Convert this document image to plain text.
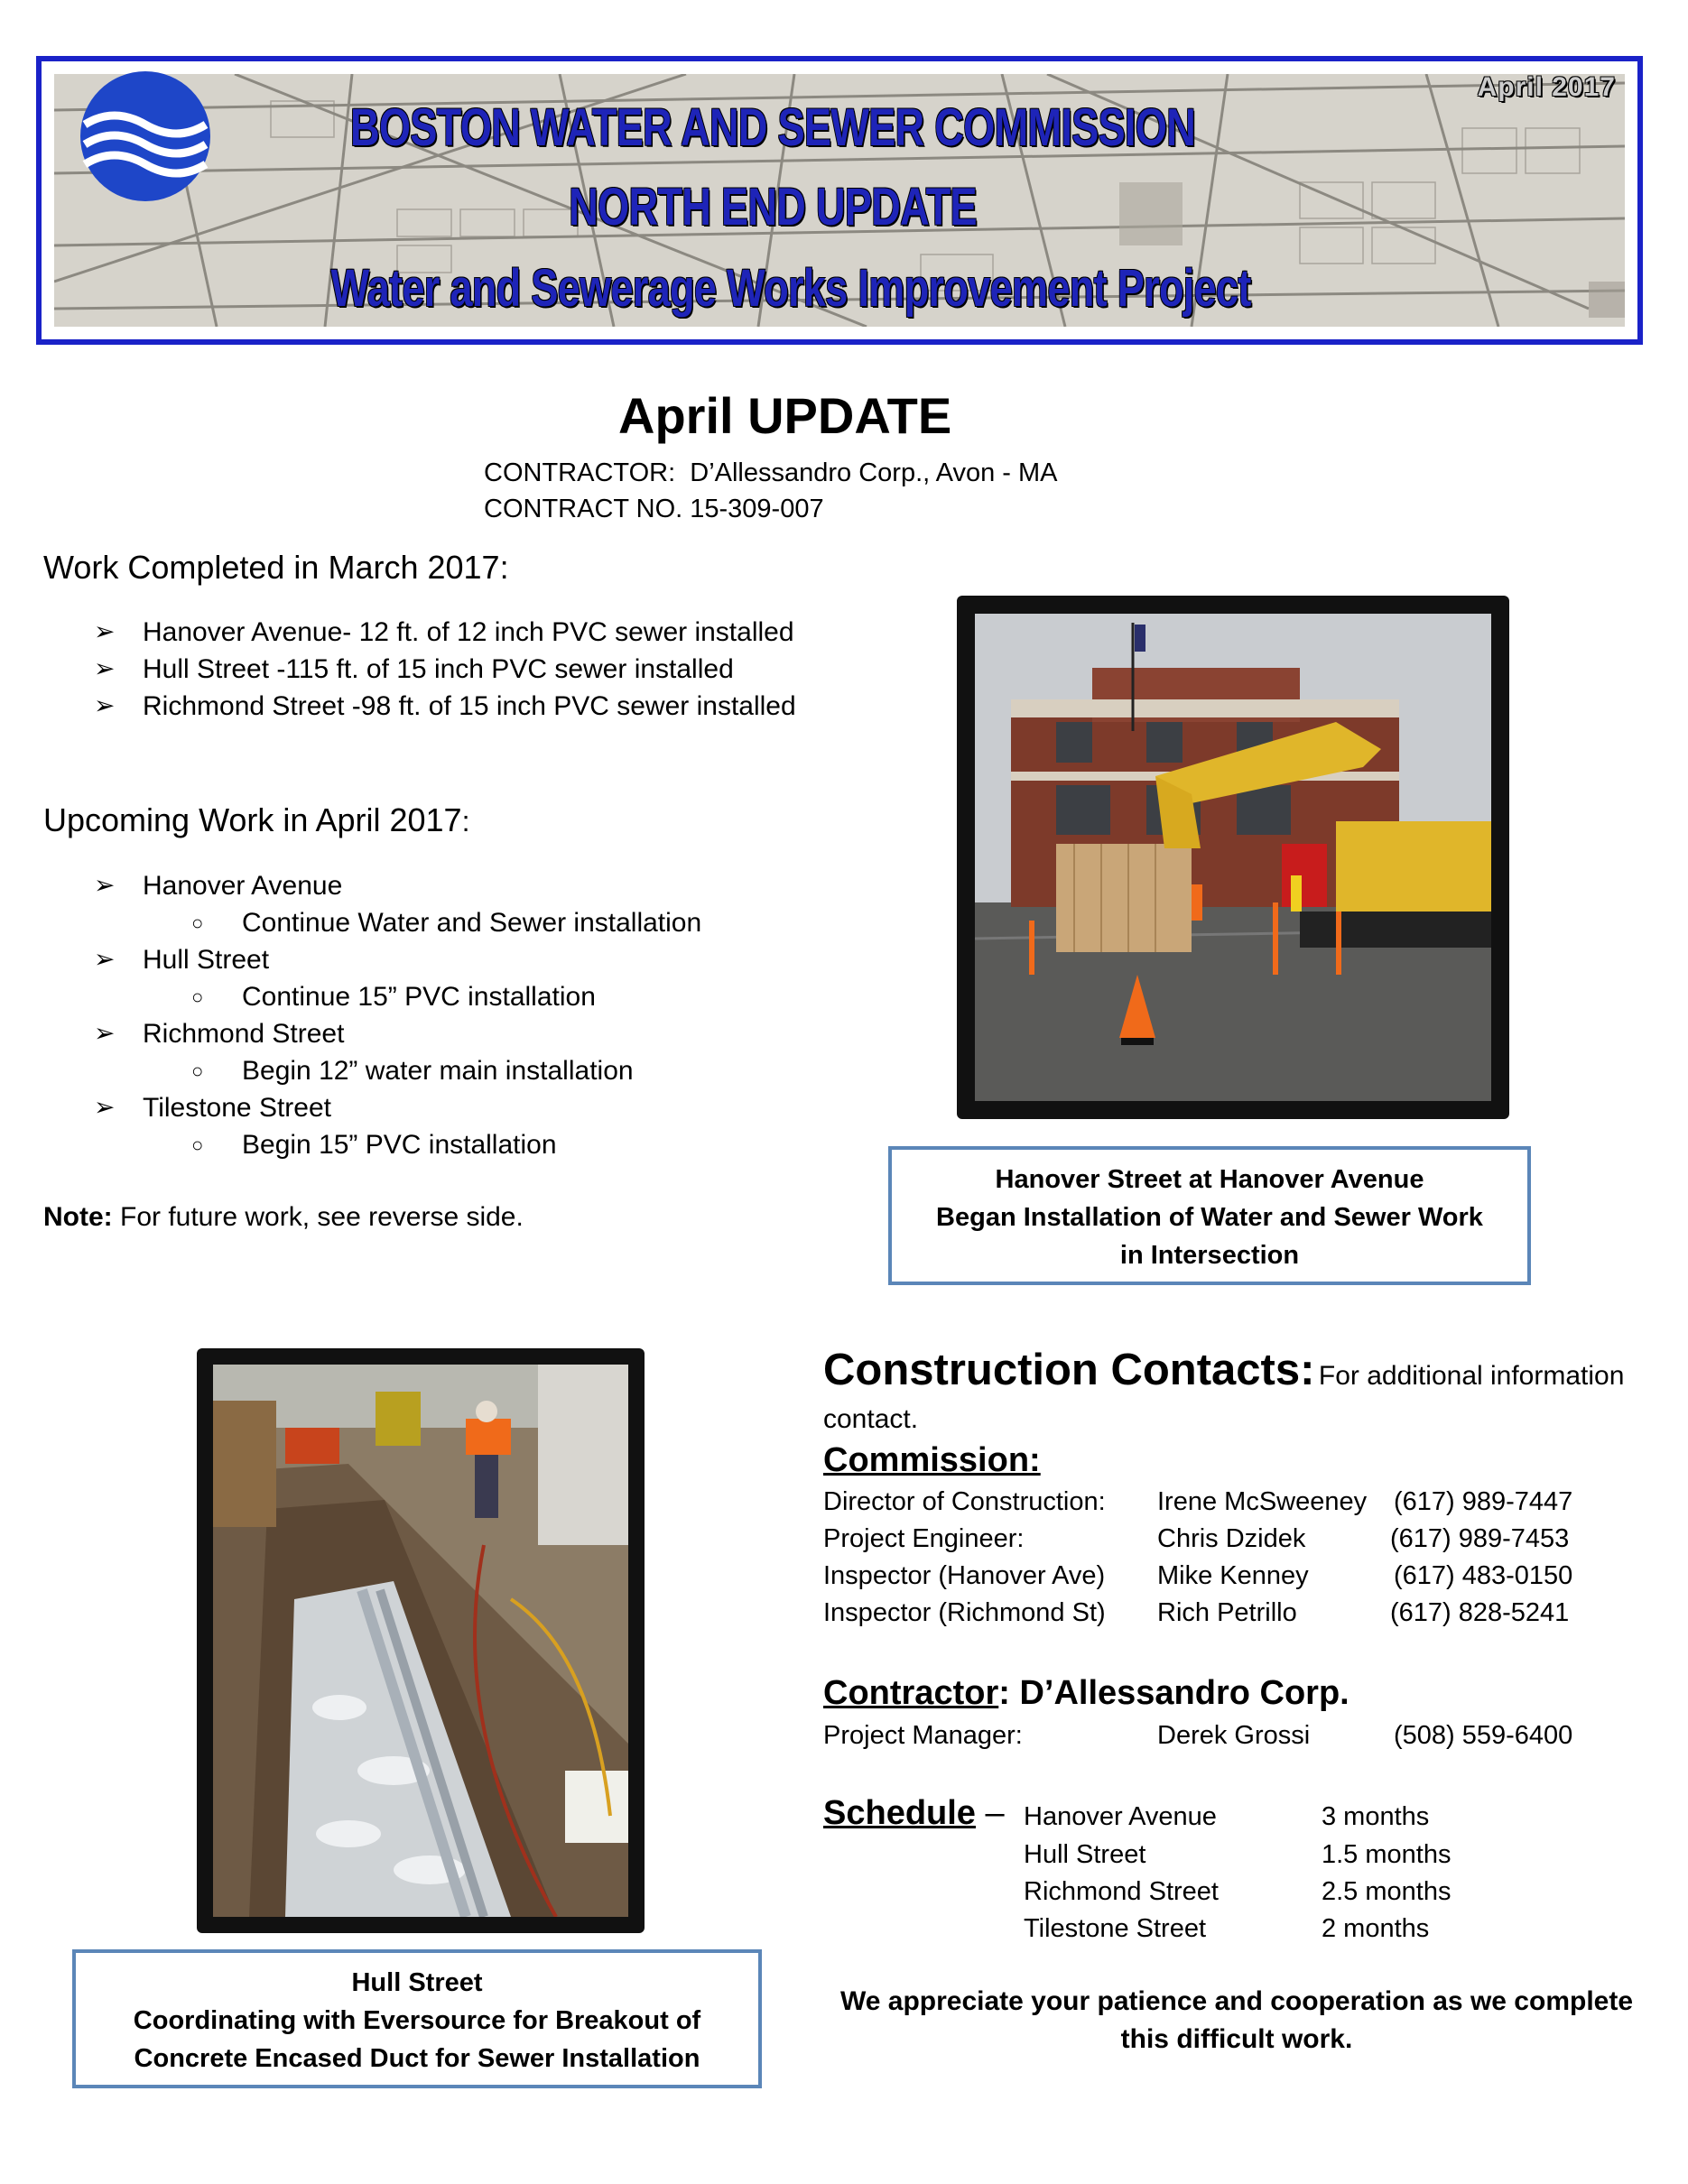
BOSTON WATER AND SEWER COMMISSION
NORTH END UPDATE
Water and Sewerage Works Improvement Project
April 2017
April UPDATE
CONTRACTOR: D’Allessandro Corp., Avon - MA
CONTRACT NO. 15-309-007
Work Completed in March 2017:
➢ Hanover Avenue- 12 ft. of 12 inch PVC sewer installed
➢ Hull Street -115 ft. of 15 inch PVC sewer installed
➢ Richmond Street -98 ft. of 15 inch PVC sewer installed
Upcoming Work in April 2017:
➢ Hanover Avenue
○ Continue Water and Sewer installation
➢ Hull Street
○ Continue 15” PVC installation
➢ Richmond Street
○ Begin 12” water main installation
➢ Tilestone Street
○ Begin 15” PVC installation
Note: For future work, see reverse side.
Hanover Street at Hanover Avenue
Began Installation of Water and Sewer Work
in Intersection
Hull Street
Coordinating with Eversource for Breakout of
Concrete Encased Duct for Sewer Installation
Construction Contacts: For additional information
contact.
Commission:
Director of Construction: Irene McSweeney (617) 989-7447
Project Engineer:	Chris Dzidek	(617) 989-7453
Inspector (Hanover Ave) Mike Kenney	(617) 483-0150
Inspector (Richmond St) Rich Petrillo	(617) 828-5241
Contractor: D’Allessandro Corp.
Project Manager:	Derek Grossi	(508) 559-6400
Schedule – Hanover Avenue	3 months
Hull Street	1.5 months
Richmond Street	2.5 months
Tilestone Street	2 months
We appreciate your patience and cooperation as we complete
this difficult work.
